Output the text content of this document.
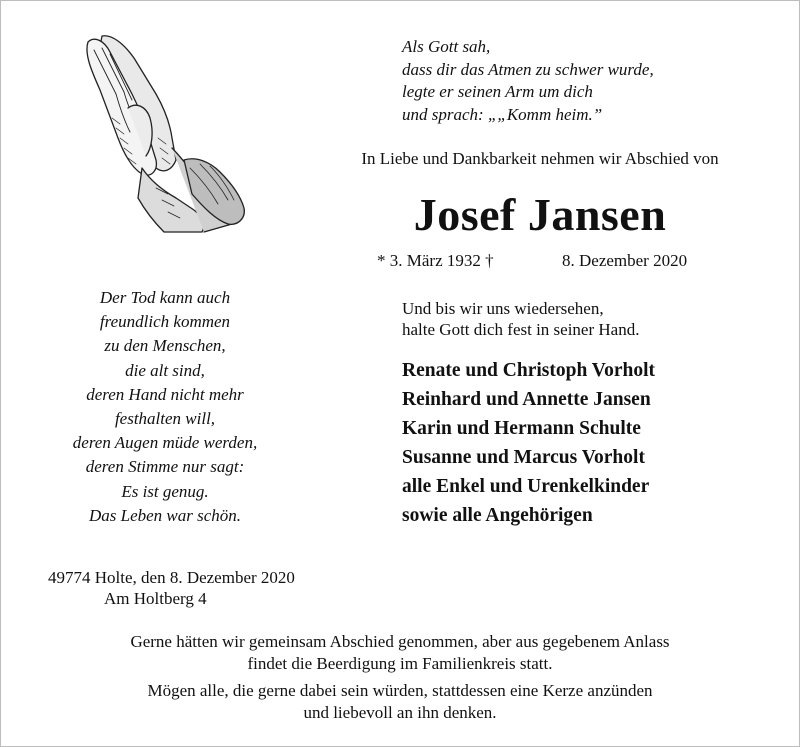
Als Gott sah,
dass dir das Atmen zu schwer wurde,
legte er seinen Arm um dich
und sprach: „„Komm heim.”
In Liebe und Dankbarkeit nehmen wir Abschied von
Josef Jansen
* 3. März 1932 †	8. Dezember 2020
Der Tod kann auch
freundlich kommen
zu den Menschen,
die alt sind,
deren Hand nicht mehr
festhalten will,
deren Augen müde werden,
deren Stimme nur sagt:
Es ist genug.
Das Leben war schön.
Und bis wir uns wiedersehen,
halte Gott dich fest in seiner Hand.
Renate und Christoph Vorholt
Reinhard und Annette Jansen
Karin und Hermann Schulte
Susanne und Marcus Vorholt
alle Enkel und Urenkelkinder
sowie alle Angehörigen
49774 Holte, den 8. Dezember 2020
Am Holtberg 4
Gerne hätten wir gemeinsam Abschied genommen, aber aus gegebenem Anlass
findet die Beerdigung im Familienkreis statt.
Mögen alle, die gerne dabei sein würden, stattdessen eine Kerze anzünden
und liebevoll an ihn denken.
